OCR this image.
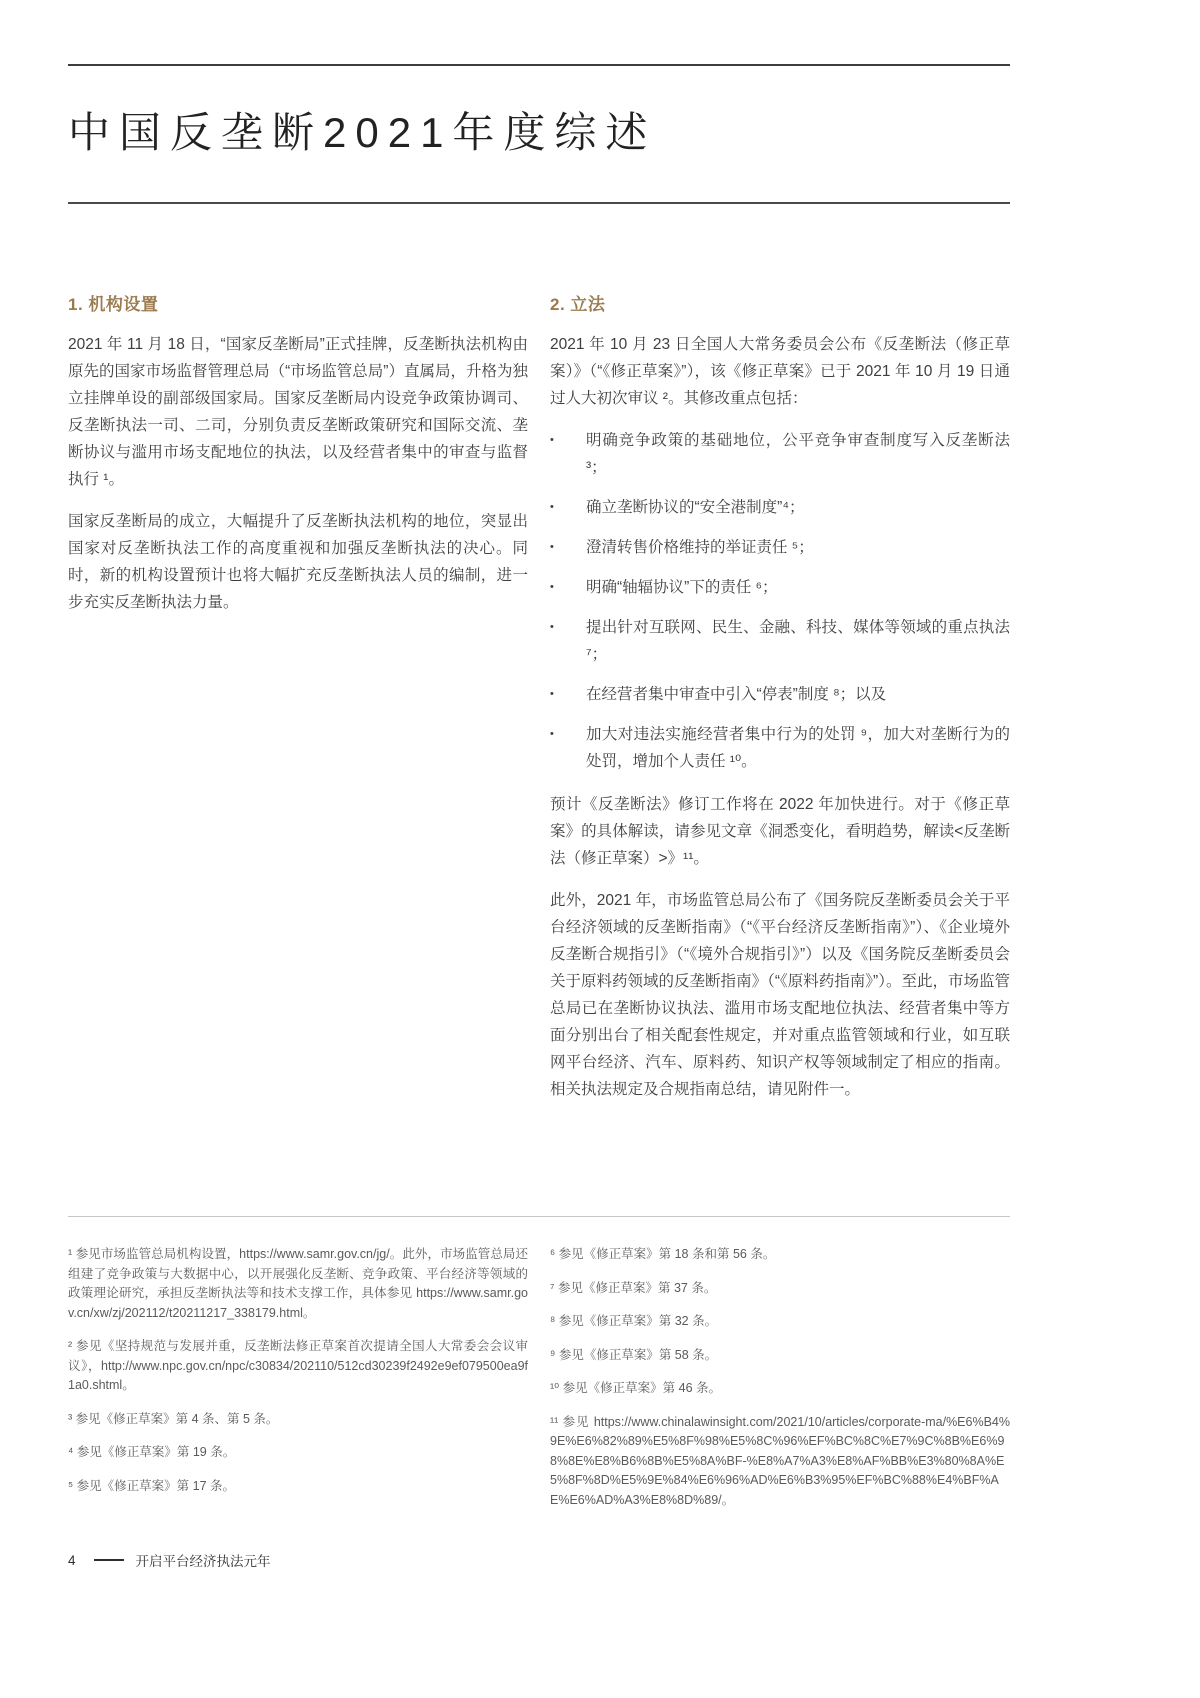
中国反垄断2021年度综述
1. 机构设置

2021 年 11 月 18 日，“国家反垄断局”正式挂牌，反垄断执法机构由原先的国家市场监督管理总局（“市场监管总局”）直属局，升格为独立挂牌单设的副部级国家局。国家反垄断局内设竞争政策协调司、反垄断执法一司、二司，分别负责反垄断政策研究和国际交流、垄断协议与滥用市场支配地位的执法，以及经营者集中的审查与监督执行 ¹。

国家反垄断局的成立，大幅提升了反垄断执法机构的地位，突显出国家对反垄断执法工作的高度重视和加强反垄断执法的决心。同时，新的机构设置预计也将大幅扩充反垄断执法人员的编制，进一步充实反垄断执法力量。

2. 立法

2021 年 10 月 23 日全国人大常务委员会公布《反垄断法（修正草案）》（“《修正草案》”），该《修正草案》已于 2021 年 10 月 19 日通过人大初次审议 ²。其修改重点包括：

•
明确竞争政策的基础地位，公平竞争审查制度写入反垄断法 ³；
•
确立垄断协议的“安全港制度”⁴；
•
澄清转售价格维持的举证责任 ⁵；
•
明确“轴辐协议”下的责任 ⁶；
•
提出针对互联网、民生、金融、科技、媒体等领域的重点执法 ⁷；
•
在经营者集中审查中引入“停表”制度 ⁸；以及
•
加大对违法实施经营者集中行为的处罚 ⁹，加大对垄断行为的处罚，增加个人责任 ¹⁰。

预计《反垄断法》修订工作将在 2022 年加快进行。对于《修正草案》的具体解读，请参见文章《洞悉变化，看明趋势，解读<反垄断法（修正草案）>》¹¹。

此外，2021 年，市场监管总局公布了《国务院反垄断委员会关于平台经济领域的反垄断指南》（“《平台经济反垄断指南》”）、《企业境外反垄断合规指引》（“《境外合规指引》”）以及《国务院反垄断委员会关于原料药领域的反垄断指南》（“《原料药指南》”）。至此，市场监管总局已在垄断协议执法、滥用市场支配地位执法、经营者集中等方面分别出台了相关配套性规定，并对重点监管领域和行业，如互联网平台经济、汽车、原料药、知识产权等领域制定了相应的指南。相关执法规定及合规指南总结，请见附件一。

¹ 参见市场监管总局机构设置，https://www.samr.gov.cn/jg/。此外，市场监管总局还组建了竞争政策与大数据中心，以开展强化反垄断、竞争政策、平台经济等领域的政策理论研究，承担反垄断执法等和技术支撑工作，具体参见 https://www.samr.gov.cn/xw/zj/202112/t20211217_338179.html。

² 参见《坚持规范与发展并重，反垄断法修正草案首次提请全国人大常委会会议审议》，http://www.npc.gov.cn/npc/c30834/202110/512cd30239f2492e9ef079500ea9f1a0.shtml。

³ 参见《修正草案》第 4 条、第 5 条。

⁴ 参见《修正草案》第 19 条。

⁵ 参见《修正草案》第 17 条。

⁶ 参见《修正草案》第 18 条和第 56 条。

⁷ 参见《修正草案》第 37 条。

⁸ 参见《修正草案》第 32 条。

⁹ 参见《修正草案》第 58 条。

¹⁰ 参见《修正草案》第 46 条。

¹¹ 参见 https://www.chinalawinsight.com/2021/10/articles/corporate-ma/%E6%B4%9E%E6%82%89%E5%8F%98%E5%8C%96%EF%BC%8C%E7%9C%8B%E6%98%8E%E8%B6%8B%E5%8A%BF-%E8%A7%A3%E8%AF%BB%E3%80%8A%E5%8F%8D%E5%9E%84%E6%96%AD%E6%B3%95%EF%BC%88%E4%BF%AE%E6%AD%A3%E8%8D%89/。

4	开启平台经济执法元年
